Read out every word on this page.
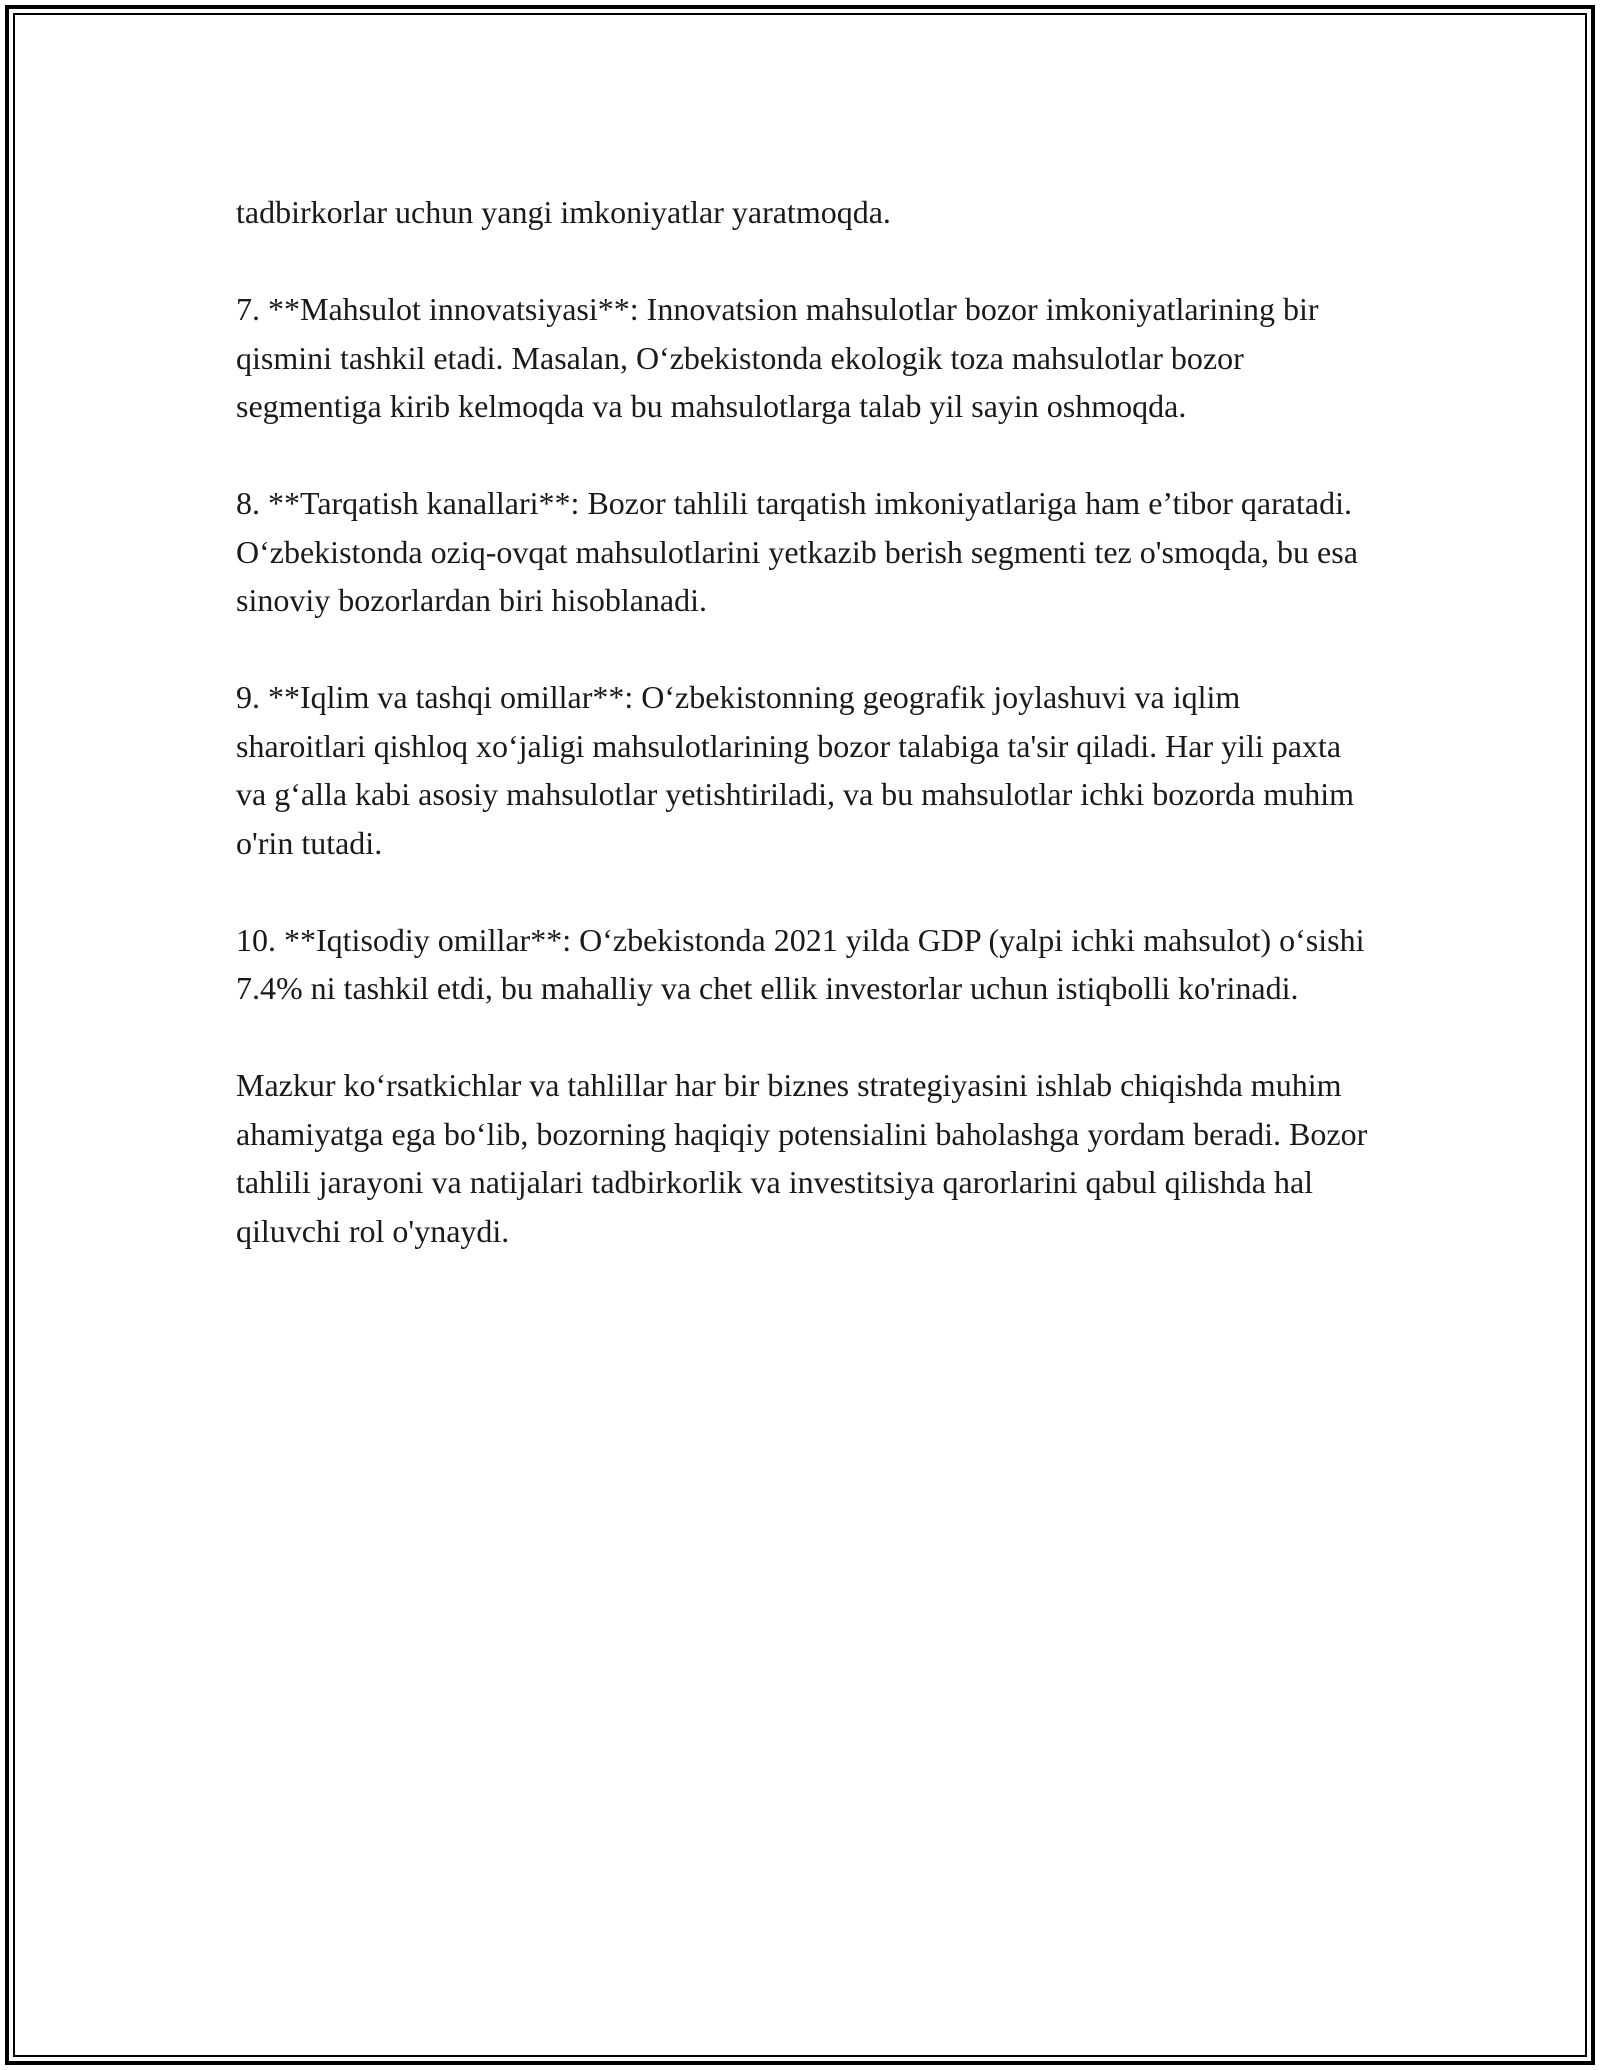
tadbirkorlar uchun yangi imkoniyatlar yaratmoqda.

7. **Mahsulot innovatsiyasi**: Innovatsion mahsulotlar bozor imkoniyatlarining bir qismini tashkil etadi. Masalan, O‘zbekistonda ekologik toza mahsulotlar bozor segmentiga kirib kelmoqda va bu mahsulotlarga talab yil sayin oshmoqda.

8. **Tarqatish kanallari**: Bozor tahlili tarqatish imkoniyatlariga ham e’tibor qaratadi. O‘zbekistonda oziq-ovqat mahsulotlarini yetkazib berish segmenti tez o'smoqda, bu esa sinoviy bozorlardan biri hisoblanadi.

9. **Iqlim va tashqi omillar**: O‘zbekistonning geografik joylashuvi va iqlim sharoitlari qishloq xo‘jaligi mahsulotlarining bozor talabiga ta'sir qiladi. Har yili paxta va g‘alla kabi asosiy mahsulotlar yetishtiriladi, va bu mahsulotlar ichki bozorda muhim o'rin tutadi.

10. **Iqtisodiy omillar**: O‘zbekistonda 2021 yilda GDP (yalpi ichki mahsulot) o‘sishi 7.4% ni tashkil etdi, bu mahalliy va chet ellik investorlar uchun istiqbolli ko'rinadi.

Mazkur ko‘rsatkichlar va tahlillar har bir biznes strategiyasini ishlab chiqishda muhim ahamiyatga ega bo‘lib, bozorning haqiqiy potensialini baholashga yordam beradi. Bozor tahlili jarayoni va natijalari tadbirkorlik va investitsiya qarorlarini qabul qilishda hal qiluvchi rol o'ynaydi.
